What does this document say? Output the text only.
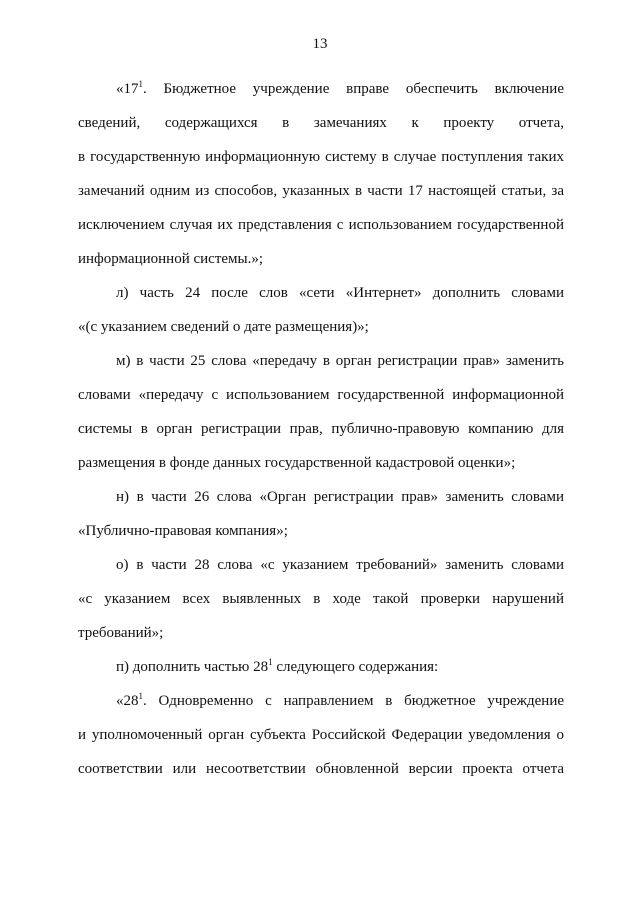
13
«$17^1$. Бюджетное учреждение вправе обеспечить включение
сведений, содержащихся в замечаниях к проекту отчета,
в государственную информационную систему в случае поступления таких
замечаний одним из способов, указанных в части 17 настоящей статьи, за
исключением случая их представления с использованием государственной
информационной системы.»;
л) часть 24 после слов «сети «Интернет» дополнить словами
«(с указанием сведений о дате размещения)»;
м) в части 25 слова «передачу в орган регистрации прав» заменить
словами «передачу с использованием государственной информационной
системы в орган регистрации прав, публично-правовую компанию для
размещения в фонде данных государственной кадастровой оценки»;
н) в части 26 слова «Орган регистрации прав» заменить словами
«Публично-правовая компания»;
о) в части 28 слова «с указанием требований» заменить словами
«с указанием всех выявленных в ходе такой проверки нарушений
требований»;
п) дополнить частью $28^1$ следующего содержания:
«$28^1$. Одновременно с направлением в бюджетное учреждение
и уполномоченный орган субъекта Российской Федерации уведомления о
соответствии или несоответствии обновленной версии проекта отчета
